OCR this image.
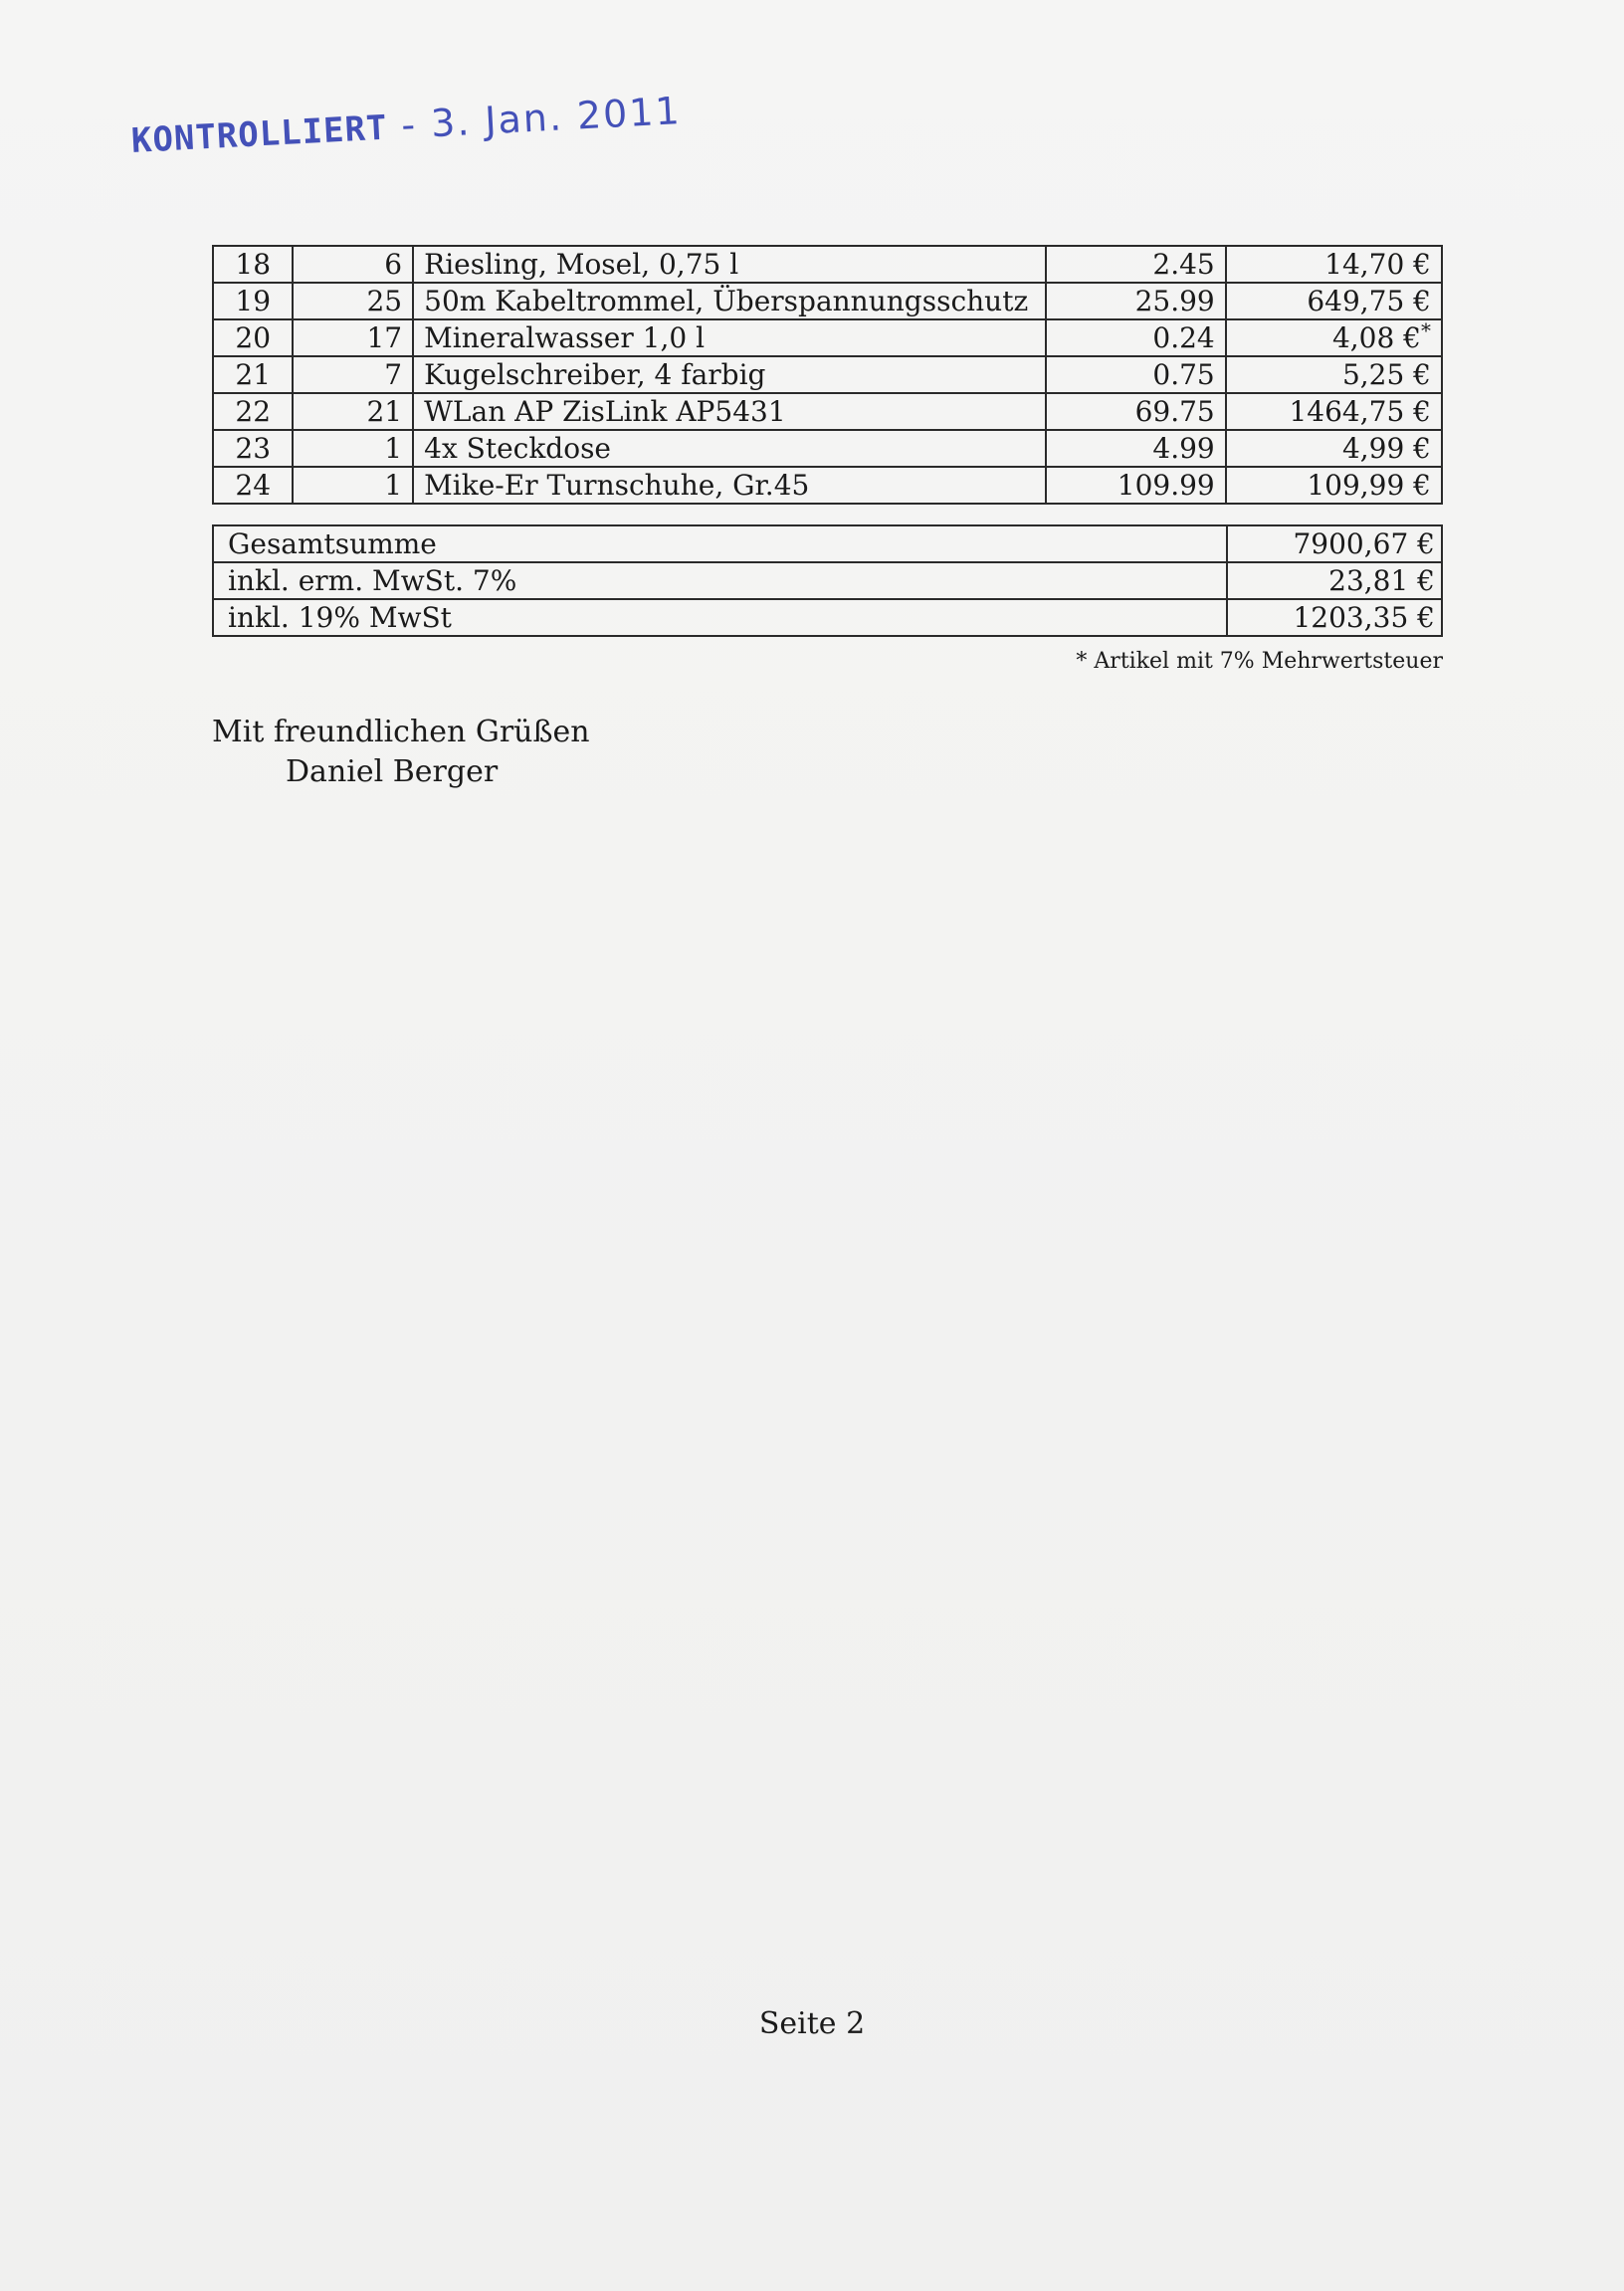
KONTROLLIERT - 3. Jan. 2011
18	6	Riesling, Mosel, 0,75 l	2.45	14,70 €
19	25	50m Kabeltrommel, Überspannungsschutz	25.99	649,75 €
20	17	Mineralwasser 1,0 l	0.24	4,08 €*
21	7	Kugelschreiber, 4 farbig	0.75	5,25 €
22	21	WLan AP ZisLink AP5431	69.75	1464,75 €
23	1	4x Steckdose	4.99	4,99 €
24	1	Mike-Er Turnschuhe, Gr.45	109.99	109,99 €
Gesamtsumme	7900,67 €
inkl. erm. MwSt. 7%	23,81 €
inkl. 19% MwSt	1203,35 €
* Artikel mit 7% Mehrwertsteuer
Mit freundlichen Grüßen
Daniel Berger
Seite 2
